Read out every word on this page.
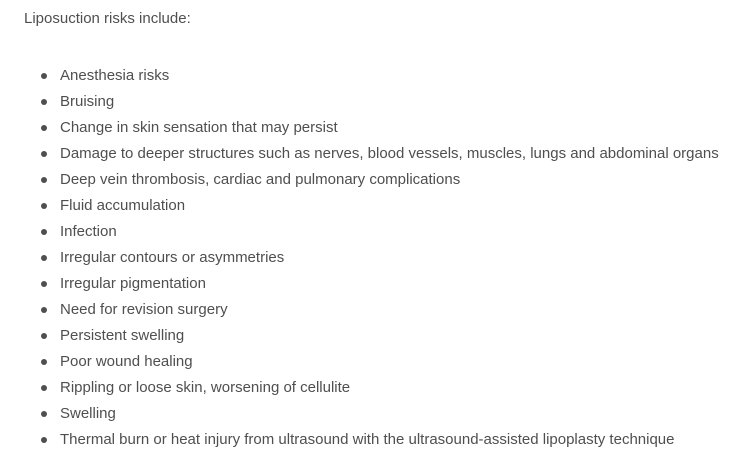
Liposuction risks include:

Anesthesia risks
Bruising
Change in skin sensation that may persist
Damage to deeper structures such as nerves, blood vessels, muscles, lungs and abdominal organs
Deep vein thrombosis, cardiac and pulmonary complications
Fluid accumulation
Infection
Irregular contours or asymmetries
Irregular pigmentation
Need for revision surgery
Persistent swelling
Poor wound healing
Rippling or loose skin, worsening of cellulite
Swelling
Thermal burn or heat injury from ultrasound with the ultrasound-assisted lipoplasty technique
